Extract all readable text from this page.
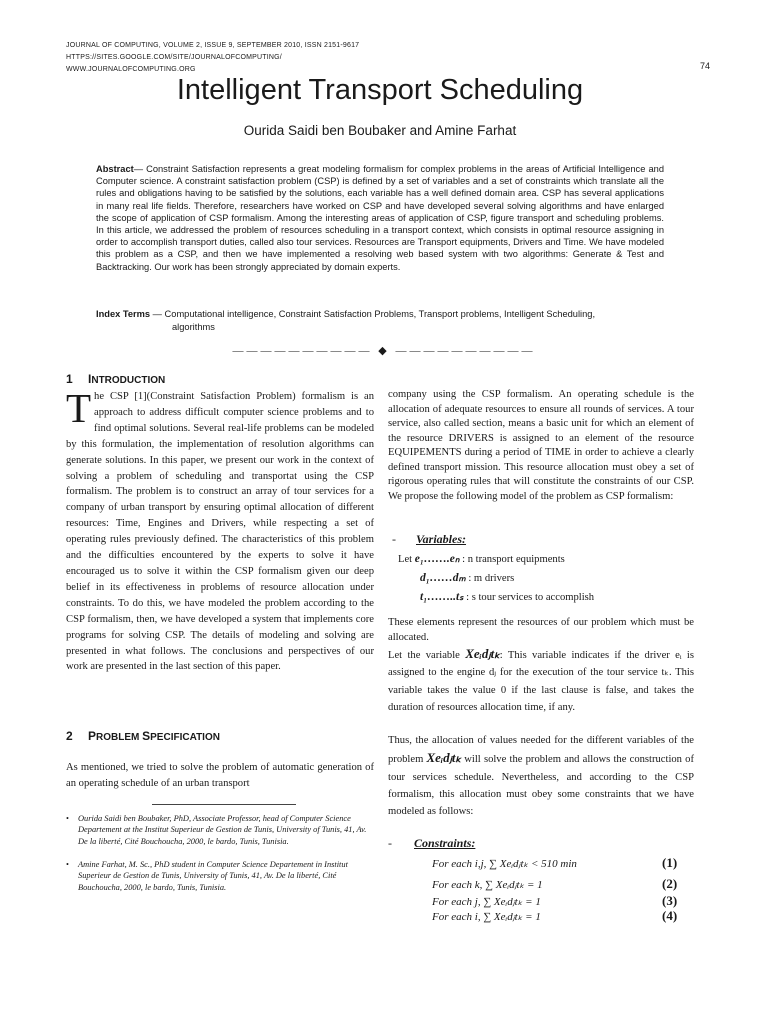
JOURNAL OF COMPUTING, VOLUME 2, ISSUE 9, SEPTEMBER 2010, ISSN 2151-9617
HTTPS://SITES.GOOGLE.COM/SITE/JOURNALOFCOMPUTING/
WWW.JOURNALOFCOMPUTING.ORG	74
Intelligent Transport Scheduling
Ourida Saidi ben Boubaker and Amine Farhat
Abstract— Constraint Satisfaction represents a great modeling formalism for complex problems in the areas of Artificial Intelligence and Computer science. A constraint satisfaction problem (CSP) is defined by a set of variables and a set of constraints which translate all the rules and obligations having to be satisfied by the solutions, each variable has a well defined domain area. CSP has several applications in many real life fields. Therefore, researchers have worked on CSP and have developed several solving algorithms and have enlarged the scope of application of CSP formalism. Among the interesting areas of application of CSP, figure transport and scheduling problems. In this article, we addressed the problem of resources scheduling in a transport context, which consists in optimal resource assigning in order to accomplish transport duties, called also tour services. Resources are Transport equipments, Drivers and Time. We have modeled this problem as a CSP, and then we have implemented a resolving web based system with two algorithms: Generate & Test and Backtracking. Our work has been strongly appreciated by domain experts.
Index Terms — Computational intelligence, Constraint Satisfaction Problems, Transport problems, Intelligent Scheduling,
algorithms
—————————— ◆ ——————————
1 INTRODUCTION
The CSP [1](Constraint Satisfaction Problem) formalism is an approach to address difficult computer science problems and to find optimal solutions. Several real-life problems can be modeled by this formulation, the implementation of resolution algorithms can generate solutions. In this paper, we present our work in the context of solving a problem of scheduling and transportat using the CSP formalism. The problem is to construct an array of tour services for a company of urban transport by ensuring optimal allocation of different resources: Time, Engines and Drivers, while respecting a set of operating rules previously defined. The characteristics of this problem and the difficulties encountered by the experts to solve it have encouraged us to solve it within the CSP formalism given our deep belief in its effectiveness in problems of resource allocation under constraints. To do this, we have modeled the problem according to the CSP formalism, then, we have developed a system that implements core programs for solving CSP. The details of modeling and solving are presented in what follows. The conclusions and perspectives of our work are presented in the last section of this paper.
2 PROBLEM SPECIFICATION
As mentioned, we tried to solve the problem of automatic generation of an operating schedule of an urban transport
•	Ourida Saidi ben Boubaker, PhD, Associate Professor, head of Computer Science Departement at the Institut Superieur de Gestion de Tunis, University of Tunis, 41, Av. De la liberté, Cité Bouchoucha, 2000, le bardo, Tunis, Tunisia.
•	Amine Farhat, M. Sc., PhD student in Computer Science Departement in Institut Superieur de Gestion de Tunis, University of Tunis, 41, Av. De la liberté, Cité Bouchoucha, 2000, le bardo, Tunis, Tunisia.
company using the CSP formalism. An operating schedule is the allocation of adequate resources to ensure all rounds of services. A tour service, also called section, means a basic unit for which an element of the resource DRIVERS is assigned to an element of the resource EQUIPEMENTS during a period of TIME in order to achieve a clearly defined transport mission. This resource allocation must obey a set of rigorous operating rules that will constitute the constraints of our CSP. We propose the following model of the problem as CSP formalism:
- Variables:
Let e₁…….eₙ : n transport equipments
d₁……dₘ : m drivers
t₁……..tₛ : s tour services to accomplish
These elements represent the resources of our problem which must be allocated.
Let the variable Xeᵢdⱼtₖ: This variable indicates if the driver eᵢ is assigned to the engine dⱼ for the execution of the tour service tₖ. This variable takes the value 0 if the last clause is false, and takes the duration of resources allocation time, if any.
Thus, the allocation of values needed for the different variables of the problem Xeᵢdⱼtₖ will solve the problem and allows the construction of tour services schedule. Nevertheless, and according to the CSP formalism, this allocation must obey some constraints that we have modeled as follows:
- Constraints:
For each i,j, ∑ Xeᵢdⱼtₖ < 510 min	(1)
For each k, ∑ Xeᵢdⱼtₖ = 1	(2)
For each j, ∑ Xeᵢdⱼtₖ = 1	(3)
For each i, ∑ Xeᵢdⱼtₖ = 1	(4)
